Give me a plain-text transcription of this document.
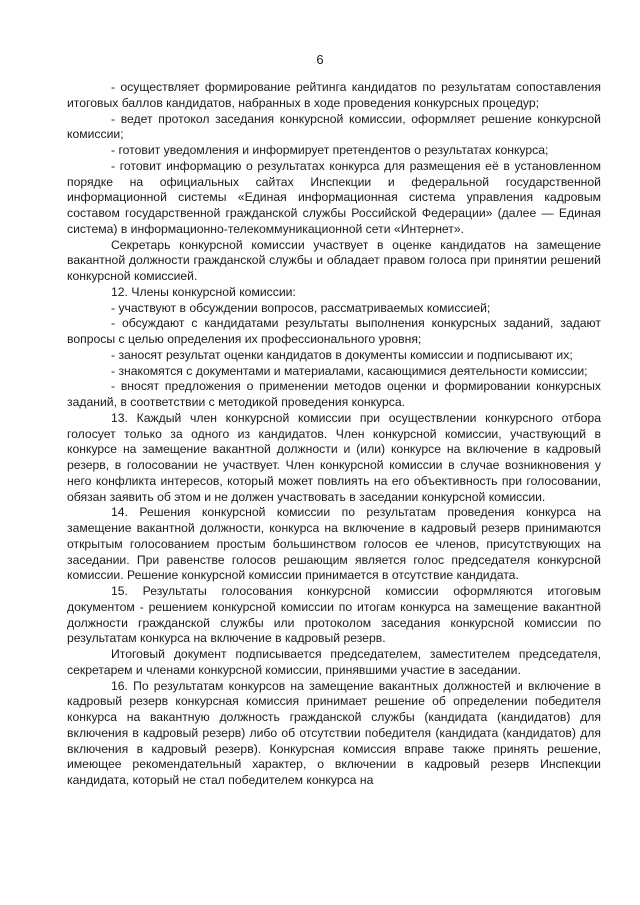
6

- осуществляет формирование рейтинга кандидатов по результатам сопоставления итоговых баллов кандидатов, набранных в ходе проведения конкурсных процедур;

- ведет протокол заседания конкурсной комиссии, оформляет решение конкурсной комиссии;

- готовит уведомления и информирует претендентов о результатах конкурса;

- готовит информацию о результатах конкурса для размещения её в установленном порядке на официальных сайтах Инспекции и федеральной государственной информационной системы «Единая информационная система управления кадровым составом государственной гражданской службы Российской Федерации» (далее — Единая система) в информационно-телекоммуникационной сети «Интернет».

Секретарь конкурсной комиссии участвует в оценке кандидатов на замещение вакантной должности гражданской службы и обладает правом голоса при принятии решений конкурсной комиссией.

12. Члены конкурсной комиссии:

- участвуют в обсуждении вопросов, рассматриваемых комиссией;

- обсуждают с кандидатами результаты выполнения конкурсных заданий, задают вопросы с целью определения их профессионального уровня;

- заносят результат оценки кандидатов в документы комиссии и подписывают их;

- знакомятся с документами и материалами, касающимися деятельности комиссии;

- вносят предложения о применении методов оценки и формировании конкурсных заданий, в соответствии с методикой проведения конкурса.

13. Каждый член конкурсной комиссии при осуществлении конкурсного отбора голосует только за одного из кандидатов. Член конкурсной комиссии, участвующий в конкурсе на замещение вакантной должности и (или) конкурсе на включение в кадровый резерв, в голосовании не участвует. Член конкурсной комиссии в случае возникновения у него конфликта интересов, который может повлиять на его объективность при голосовании, обязан заявить об этом и не должен участвовать в заседании конкурсной комиссии.

14. Решения конкурсной комиссии по результатам проведения конкурса на замещение вакантной должности, конкурса на включение в кадровый резерв принимаются открытым голосованием простым большинством голосов ее членов, присутствующих на заседании. При равенстве голосов решающим является голос председателя конкурсной комиссии. Решение конкурсной комиссии принимается в отсутствие кандидата.

15. Результаты голосования конкурсной комиссии оформляются итоговым документом - решением конкурсной комиссии по итогам конкурса на замещение вакантной должности гражданской службы или протоколом заседания конкурсной комиссии по результатам конкурса на включение в кадровый резерв.

Итоговый документ подписывается председателем, заместителем председателя, секретарем и членами конкурсной комиссии, принявшими участие в заседании.

16. По результатам конкурсов на замещение вакантных должностей и включение в кадровый резерв конкурсная комиссия принимает решение об определении победителя конкурса на вакантную должность гражданской службы (кандидата (кандидатов) для включения в кадровый резерв) либо об отсутствии победителя (кандидата (кандидатов) для включения в кадровый резерв). Конкурсная комиссия вправе также принять решение, имеющее рекомендательный характер, о включении в кадровый резерв Инспекции кандидата, который не стал победителем конкурса на
